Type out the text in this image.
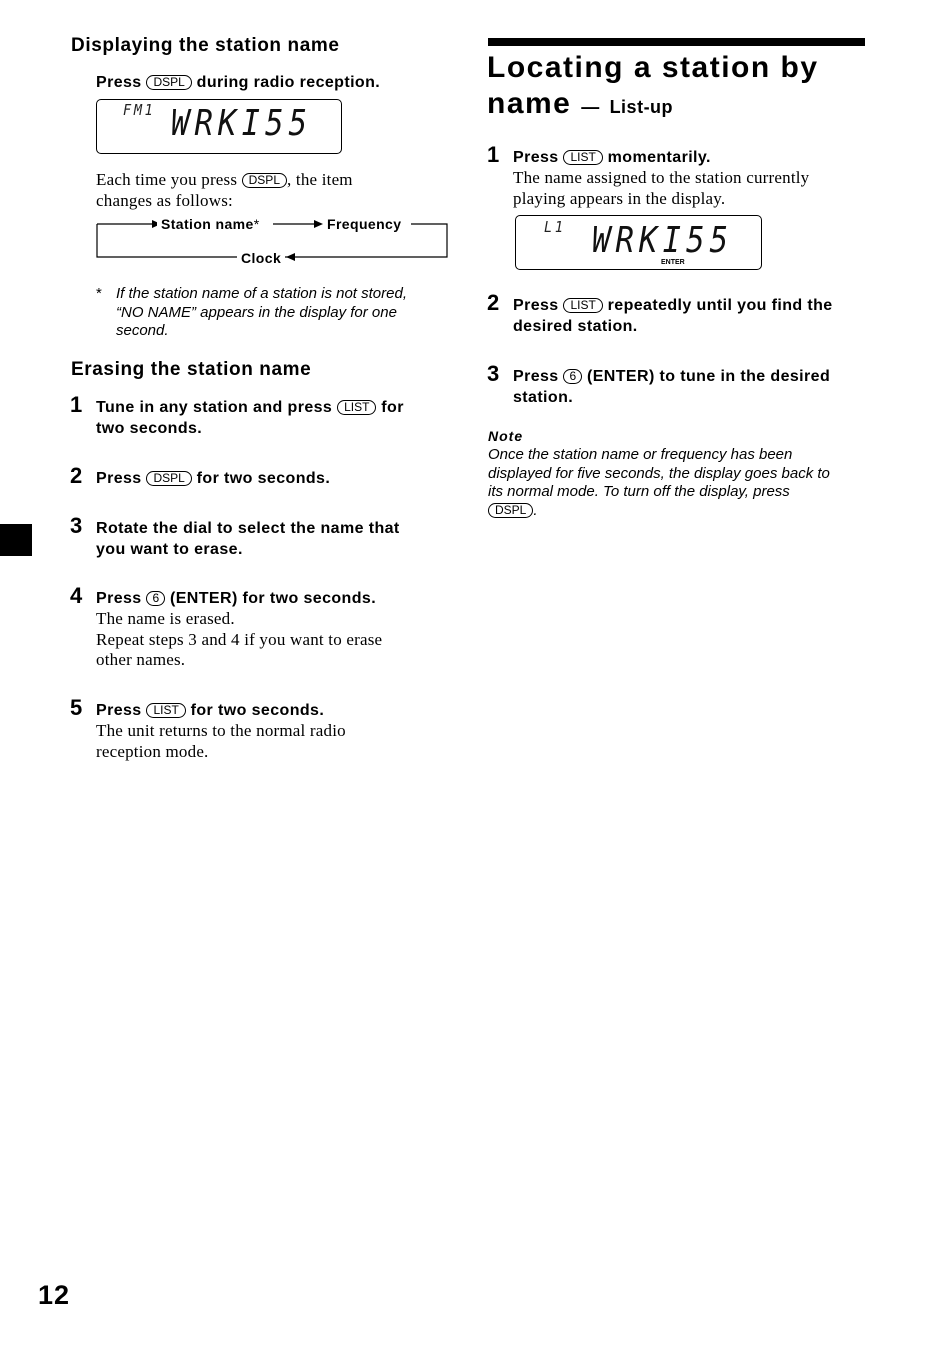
Displaying the station name
Press DSPL during radio reception.
FM1 WRKI55
Each time you press DSPL , the item
changes as follows:
Station name*	Frequency
Clock
* If the station name of a station is not stored,
“NO NAME” appears in the display for one
second.
Erasing the station name
1 Tune in any station and press LIST for
two seconds.
2 Press DSPL for two seconds.
3 Rotate the dial to select the name that
you want to erase.
4 Press 6 (ENTER) for two seconds.
The name is erased.
Repeat steps 3 and 4 if you want to erase
other names.
5 Press LIST for two seconds.
The unit returns to the normal radio
reception mode.
Locating a station by
name — List-up
1 Press LIST momentarily.
The name assigned to the station currently
playing appears in the display.
L1 WRKI55
ENTER
2 Press LIST repeatedly until you find the
desired station.
3 Press 6 (ENTER) to tune in the desired
station.
Note
Once the station name or frequency has been
displayed for five seconds, the display goes back to
its normal mode. To turn off the display, press
DSPL .
12
